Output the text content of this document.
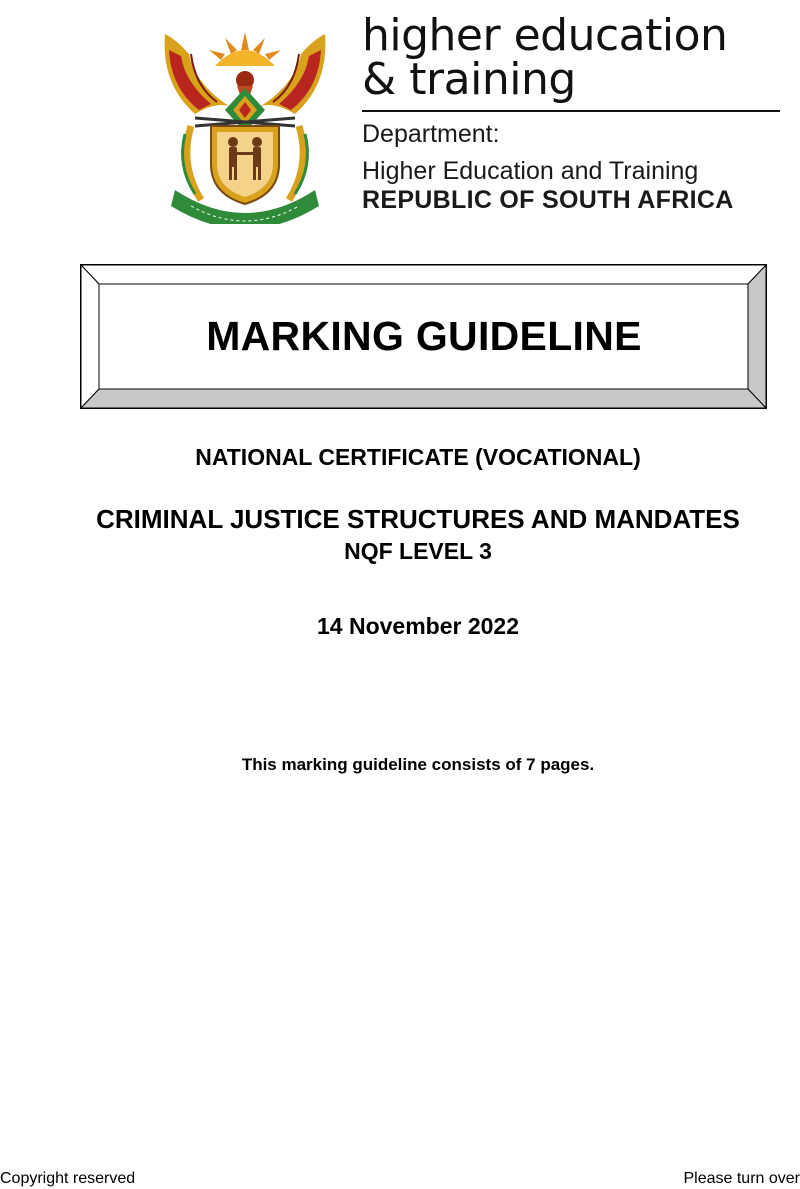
higher education
& training
Department:
Higher Education and Training
REPUBLIC OF SOUTH AFRICA
MARKING GUIDELINE
NATIONAL CERTIFICATE (VOCATIONAL)
CRIMINAL JUSTICE STRUCTURES AND MANDATES
NQF LEVEL 3
14 November 2022
This marking guideline consists of 7 pages.
Copyright reserved	Please turn over
